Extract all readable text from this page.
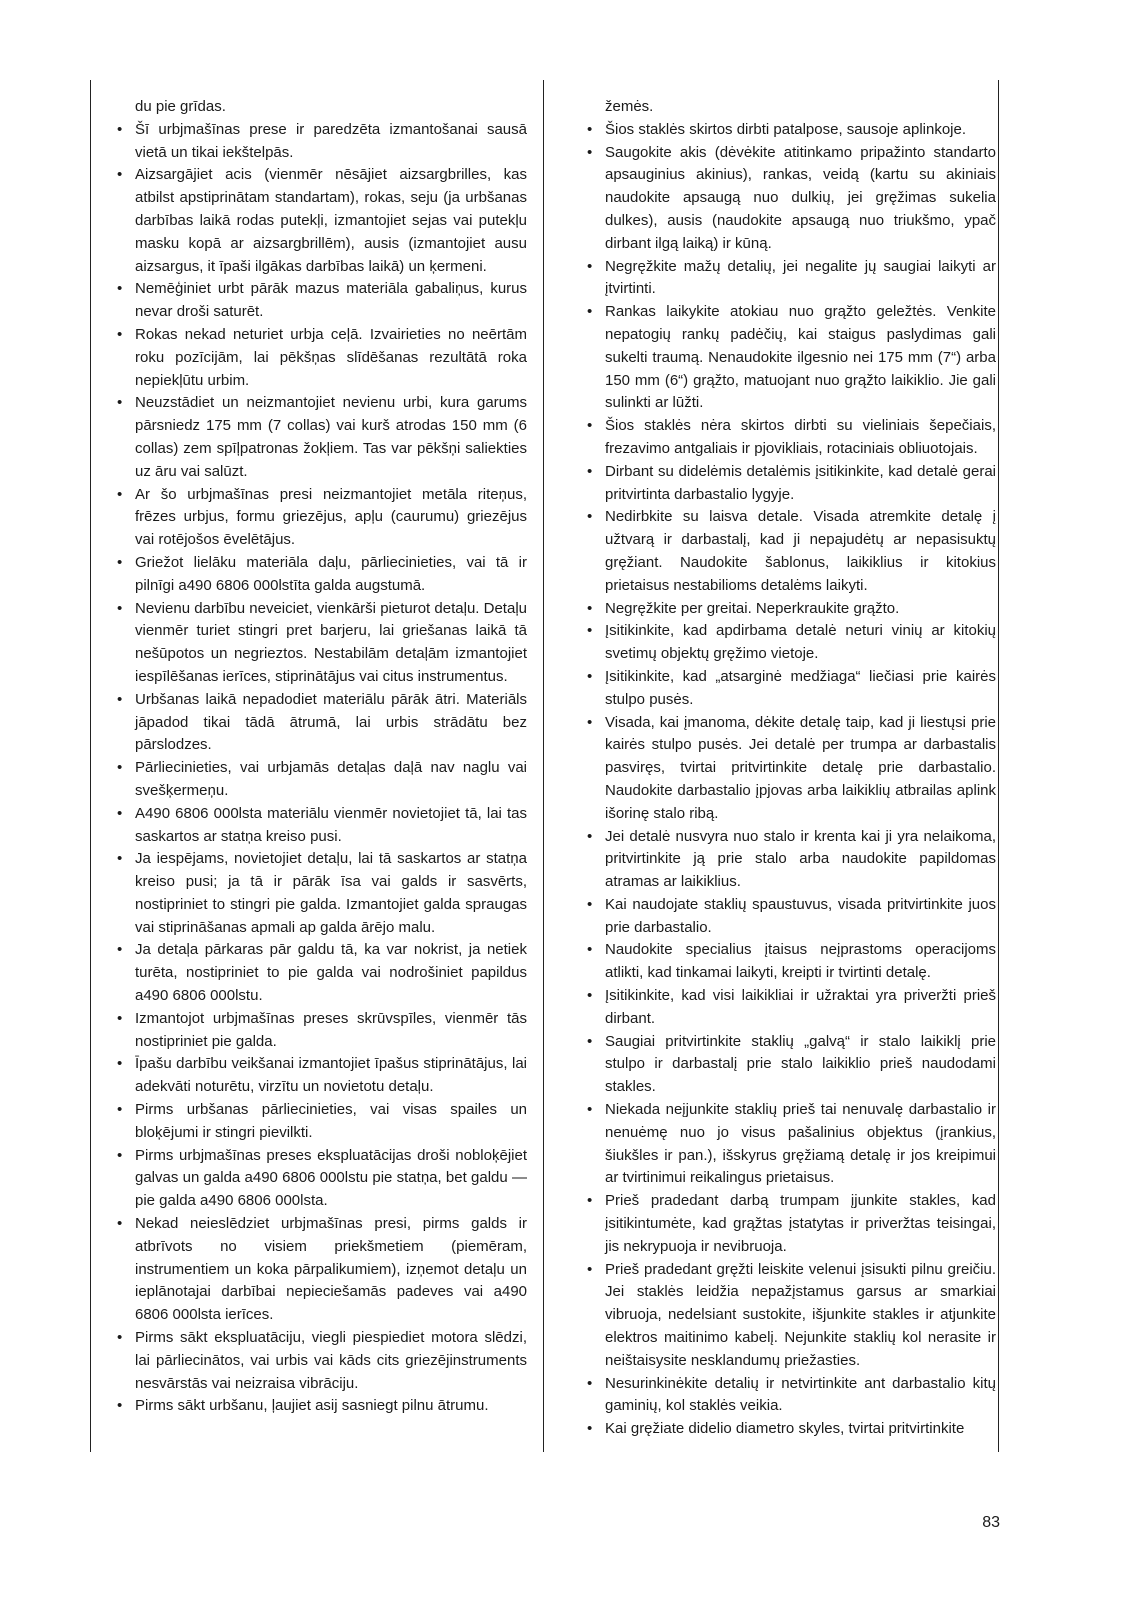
du pie grīdas.

• Šī urbjmašīnas prese ir paredzēta izmantošanai sausā vietā un tikai iekštelpās.
• Aizsargājiet acis (vienmēr nēsājiet aizsargbrilles, kas atbilst apstiprinātam standartam), rokas, seju (ja urbšanas darbības laikā rodas putekļi, izmantojiet sejas vai putekļu masku kopā ar aizsargbrillēm), ausis (izmantojiet ausu aizsargus, it īpaši ilgākas darbības laikā) un ķermeni.
• Nemēģiniet urbt pārāk mazus materiāla gabaliņus, kurus nevar droši saturēt.
• Rokas nekad neturiet urbja ceļā. Izvairieties no neērtām roku pozīcijām, lai pēkšņas slīdēšanas rezultātā roka nepiekļūtu urbim.
• Neuzstādiet un neizmantojiet nevienu urbi, kura garums pārsniedz 175 mm (7 collas) vai kurš atrodas 150 mm (6 collas) zem spīļpatronas žokļiem. Tas var pēkšņi saliekties uz āru vai salūzt.
• Ar šo urbjmašīnas presi neizmantojiet metāla riteņus, frēzes urbjus, formu griezējus, apļu (caurumu) griezējus vai rotējošos ēvelētājus.
• Griežot lielāku materiāla daļu, pārliecinieties, vai tā ir pilnīgi a490 6806 000lstīta galda augstumā.
• Nevienu darbību neveiciet, vienkārši pieturot detaļu. Detaļu vienmēr turiet stingri pret barjeru, lai griešanas laikā tā nešūpotos un negrieztos. Nestabilām detaļām izmantojiet iespīlēšanas ierīces, stiprinātājus vai citus instrumentus.
• Urbšanas laikā nepadodiet materiālu pārāk ātri. Materiāls jāpadod tikai tādā ātrumā, lai urbis strādātu bez pārslodzes.
• Pārliecinieties, vai urbjamās detaļas daļā nav naglu vai svešķermeņu.
• A490 6806 000lsta materiālu vienmēr novietojiet tā, lai tas saskartos ar statņa kreiso pusi.
• Ja iespējams, novietojiet detaļu, lai tā saskartos ar statņa kreiso pusi; ja tā ir pārāk īsa vai galds ir sasvērts, nostipriniet to stingri pie galda. Izmantojiet galda spraugas vai stiprināšanas apmali ap galda ārējo malu.
• Ja detaļa pārkaras pār galdu tā, ka var nokrist, ja netiek turēta, nostipriniet to pie galda vai nodrošiniet papildus a490 6806 000lstu.
• Izmantojot urbjmašīnas preses skrūvspīles, vienmēr tās nostipriniet pie galda.
• Īpašu darbību veikšanai izmantojiet īpašus stiprinātājus, lai adekvāti noturētu, virzītu un novietotu detaļu.
• Pirms urbšanas pārliecinieties, vai visas spailes un bloķējumi ir stingri pievilkti.
• Pirms urbjmašīnas preses ekspluatācijas droši nobloķējiet galvas un galda a490 6806 000lstu pie statņa, bet galdu — pie galda a490 6806 000lsta.
• Nekad neieslēdziet urbjmašīnas presi, pirms galds ir atbrīvots no visiem priekšmetiem (piemēram, instrumentiem un koka pārpalikumiem), izņemot detaļu un ieplānotajai darbībai nepieciešamās padeves vai a490 6806 000lsta ierīces.
• Pirms sākt ekspluatāciju, viegli piespiediet motora slēdzi, lai pārliecinātos, vai urbis vai kāds cits griezējinstruments nesvārstās vai neizraisa vibrāciju.
• Pirms sākt urbšanu, ļaujiet asij sasniegt pilnu ātrumu.

žemės.

• Šios staklės skirtos dirbti patalpose, sausoje aplinkoje.
• Saugokite akis (dėvėkite atitinkamo pripažinto standarto apsauginius akinius), rankas, veidą (kartu su akiniais naudokite apsaugą nuo dulkių, jei gręžimas sukelia dulkes), ausis (naudokite apsaugą nuo triukšmo, ypač dirbant ilgą laiką) ir kūną.
• Negręžkite mažų detalių, jei negalite jų saugiai laikyti ar įtvirtinti.
• Rankas laikykite atokiau nuo grąžto geležtės. Venkite nepatogių rankų padėčių, kai staigus paslydimas gali sukelti traumą. Nenaudokite ilgesnio nei 175 mm (7“) arba 150 mm (6“) grąžto, matuojant nuo grąžto laikiklio. Jie gali sulinkti ar lūžti.
• Šios staklės nėra skirtos dirbti su vieliniais šepečiais, frezavimo antgaliais ir pjovikliais, rotaciniais obliuotojais.
• Dirbant su didelėmis detalėmis įsitikinkite, kad detalė gerai pritvirtinta darbastalio lygyje.
• Nedirbkite su laisva detale. Visada atremkite detalę į užtvarą ir darbastalį, kad ji nepajudėtų ar nepasisuktų gręžiant. Naudokite šablonus, laikiklius ir kitokius prietaisus nestabilioms detalėms laikyti.
• Negręžkite per greitai. Neperkraukite grąžto.
• Įsitikinkite, kad apdirbama detalė neturi vinių ar kitokių svetimų objektų gręžimo vietoje.
• Įsitikinkite, kad „atsarginė medžiaga“ liečiasi prie kairės stulpo pusės.
• Visada, kai įmanoma, dėkite detalę taip, kad ji liestųsi prie kairės stulpo pusės. Jei detalė per trumpa ar darbastalis pasviręs, tvirtai pritvirtinkite detalę prie darbastalio. Naudokite darbastalio įpjovas arba laikiklių atbrailas aplink išorinę stalo ribą.
• Jei detalė nusvyra nuo stalo ir krenta kai ji yra nelaikoma, pritvirtinkite ją prie stalo arba naudokite papildomas atramas ar laikiklius.
• Kai naudojate staklių spaustuvus, visada pritvirtinkite juos prie darbastalio.
• Naudokite specialius įtaisus neįprastoms operacijoms atlikti, kad tinkamai laikyti, kreipti ir tvirtinti detalę.
• Įsitikinkite, kad visi laikikliai ir užraktai yra priveržti prieš dirbant.
• Saugiai pritvirtinkite staklių „galvą“ ir stalo laikiklį prie stulpo ir darbastalį prie stalo laikiklio prieš naudodami stakles.
• Niekada neįjunkite staklių prieš tai nenuvalę darbastalio ir nenuėmę nuo jo visus pašalinius objektus (įrankius, šiukšles ir pan.), išskyrus gręžiamą detalę ir jos kreipimui ar tvirtinimui reikalingus prietaisus.
• Prieš pradedant darbą trumpam įjunkite stakles, kad įsitikintumėte, kad grąžtas įstatytas ir priveržtas teisingai, jis nekrypuoja ir nevibruoja.
• Prieš pradedant gręžti leiskite velenui įsisukti pilnu greičiu. Jei staklės leidžia nepažįstamus garsus ar smarkiai vibruoja, nedelsiant sustokite, išjunkite stakles ir atjunkite elektros maitinimo kabelį. Nejunkite staklių kol nerasite ir neištaisysite nesklandumų priežasties.
• Nesurinkinėkite detalių ir netvirtinkite ant darbastalio kitų gaminių, kol staklės veikia.
• Kai gręžiate didelio diametro skyles, tvirtai pritvirtinkite
83
